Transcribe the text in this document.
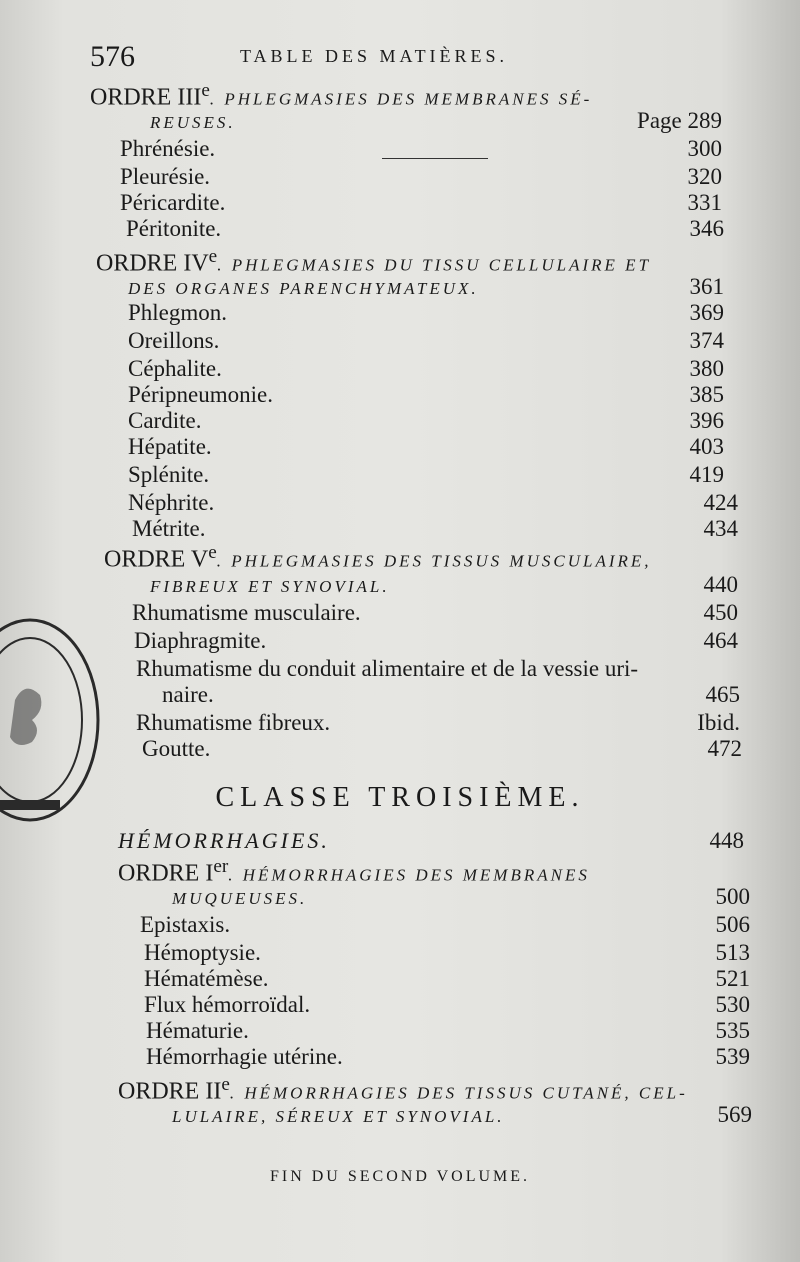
576	TABLE DES MATIÈRES.
ORDRE IIIe. PHLEGMASIES DES MEMBRANES SÉ-
REUSES.	Page 289
Phrénésie.	300
Pleurésie.	320
Péricardite.	331
Péritonite.	346
ORDRE IVe. PHLEGMASIES DU TISSU CELLULAIRE ET
DES ORGANES PARENCHYMATEUX.	361
Phlegmon.	369
Oreillons.	374
Céphalite.	380
Péripneumonie.	385
Cardite.	396
Hépatite.	403
Splénite.	419
Néphrite.	424
Métrite.	434
ORDRE Ve. PHLEGMASIES DES TISSUS MUSCULAIRE,
FIBREUX ET SYNOVIAL.	440
Rhumatisme musculaire.	450
Diaphragmite.	464
Rhumatisme du conduit alimentaire et de la vessie uri-
naire.	465
Rhumatisme fibreux.	Ibid.
Goutte.	472
CLASSE TROISIÈME.
HÉMORRHAGIES.	448
ORDRE Ier. HÉMORRHAGIES DES MEMBRANES
MUQUEUSES.	500
Epistaxis.	506
Hémoptysie.	513
Hématémèse.	521
Flux hémorroïdal.	530
Hématurie.	535
Hémorrhagie utérine.	539
ORDRE IIe. HÉMORRHAGIES DES TISSUS CUTANÉ, CEL-
LULAIRE, SÉREUX ET SYNOVIAL.	569
FIN DU SECOND VOLUME.
